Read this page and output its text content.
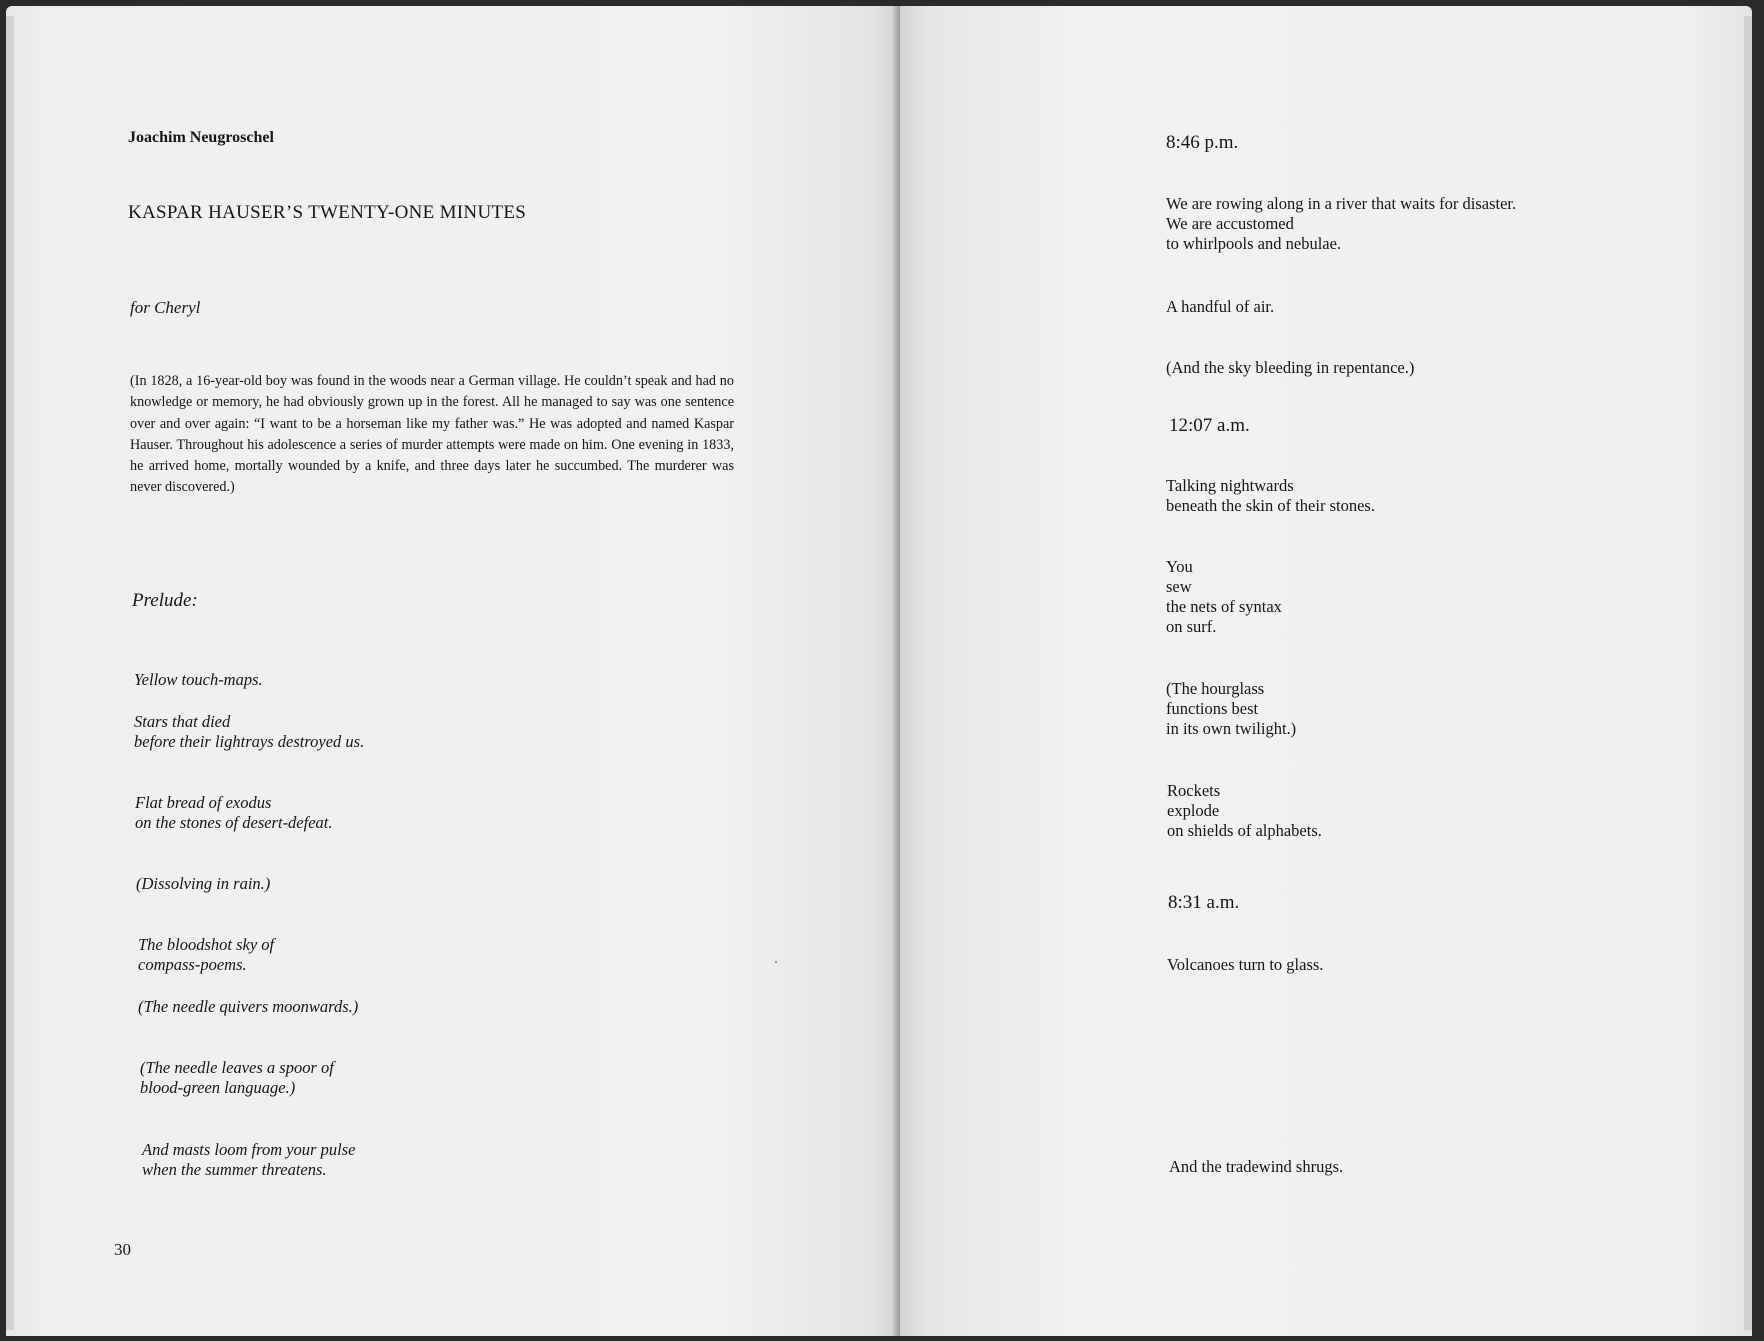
Joachim Neugroschel
KASPAR HAUSER’S TWENTY-ONE MINUTES
for Cheryl
(In 1828, a 16-year-old boy was found in the woods near a German village. He couldn’t speak and had no knowledge or memory, he had obviously grown up in the forest. All he managed to say was one sentence over and over again: “I want to be a horseman like my father was.” He was adopted and named Kaspar Hauser. Throughout his adolescence a series of murder attempts were made on him. One evening in 1833, he arrived home, mortally wounded by a knife, and three days later he succumbed. The murderer was never discovered.)
Prelude:
Yellow touch-maps.
Stars that died
before their lightrays destroyed us.
Flat bread of exodus
on the stones of desert-defeat.
(Dissolving in rain.)
The bloodshot sky of
compass-poems.
(The needle quivers moonwards.)
(The needle leaves a spoor of
blood-green language.)
And masts loom from your pulse
when the summer threatens.
30
8:46 p.m.
We are rowing along in a river that waits for disaster.
We are accustomed
to whirlpools and nebulae.
A handful of air.
(And the sky bleeding in repentance.)
12:07 a.m.
Talking nightwards
beneath the skin of their stones.
You
sew
the nets of syntax
on surf.
(The hourglass
functions best
in its own twilight.)
Rockets
explode
on shields of alphabets.
8:31 a.m.
Volcanoes turn to glass.
And the tradewind shrugs.
